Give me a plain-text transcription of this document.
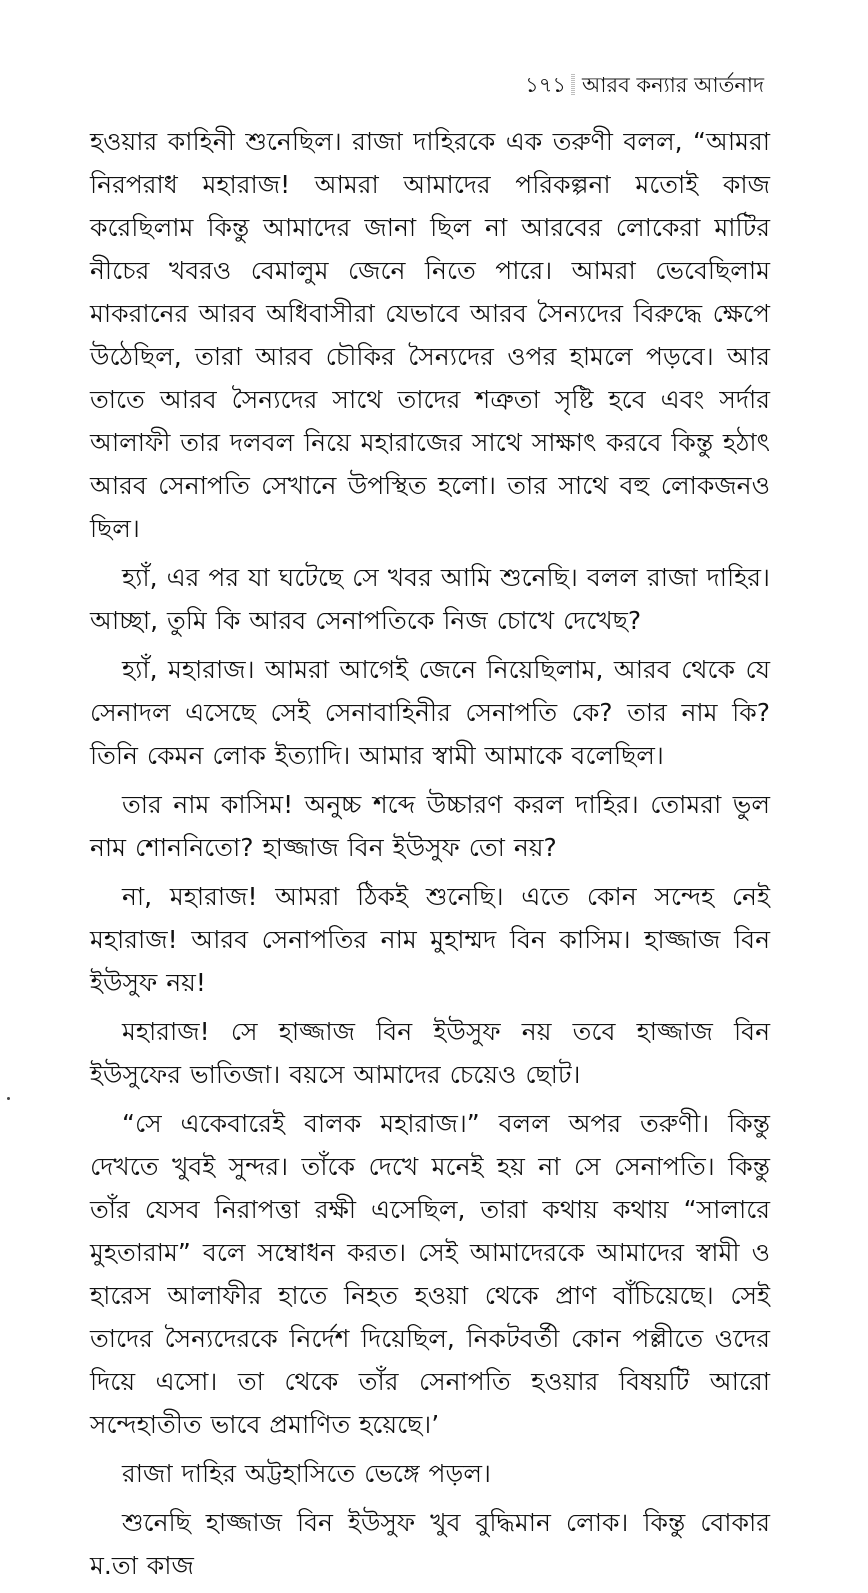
১৭১ আরব কন্যার আর্তনাদ

হওয়ার কাহিনী শুনেছিল। রাজা দাহিরকে এক তরুণী বলল, “আমরা নিরপরাধ মহারাজ! আমরা আমাদের পরিকল্পনা মতোই কাজ করেছিলাম কিন্তু আমাদের জানা ছিল না আরবের লোকেরা মাটির নীচের খবরও বেমালুম জেনে নিতে পারে। আমরা ভেবেছিলাম মাকরানের আরব অধিবাসীরা যেভাবে আরব সৈন্যদের বিরুদ্ধে ক্ষেপে উঠেছিল, তারা আরব চৌকির সৈন্যদের ওপর হামলে পড়বে। আর তাতে আরব সৈন্যদের সাথে তাদের শত্রুতা সৃষ্টি হবে এবং সর্দার আলাফী তার দলবল নিয়ে মহারাজের সাথে সাক্ষাৎ করবে কিন্তু হঠাৎ আরব সেনাপতি সেখানে উপস্থিত হলো। তার সাথে বহু লোকজনও ছিল।

হ্যাঁ, এর পর যা ঘটেছে সে খবর আমি শুনেছি। বলল রাজা দাহির। আচ্ছা, তুমি কি আরব সেনাপতিকে নিজ চোখে দেখেছ?

হ্যাঁ, মহারাজ। আমরা আগেই জেনে নিয়েছিলাম, আরব থেকে যে সেনাদল এসেছে সেই সেনাবাহিনীর সেনাপতি কে? তার নাম কি? তিনি কেমন লোক ইত্যাদি। আমার স্বামী আমাকে বলেছিল।

তার নাম কাসিম! অনুচ্চ শব্দে উচ্চারণ করল দাহির। তোমরা ভুল নাম শোননিতো? হাজ্জাজ বিন ইউসুফ তো নয়?

না, মহারাজ! আমরা ঠিকই শুনেছি। এতে কোন সন্দেহ নেই মহারাজ! আরব সেনাপতির নাম মুহাম্মদ বিন কাসিম। হাজ্জাজ বিন ইউসুফ নয়!

মহারাজ! সে হাজ্জাজ বিন ইউসুফ নয় তবে হাজ্জাজ বিন ইউসুফের ভাতিজা। বয়সে আমাদের চেয়েও ছোট।

“সে একেবারেই বালক মহারাজ।” বলল অপর তরুণী। কিন্তু দেখতে খুবই সুন্দর। তাঁকে দেখে মনেই হয় না সে সেনাপতি। কিন্তু তাঁর যেসব নিরাপত্তা রক্ষী এসেছিল, তারা কথায় কথায় “সালারে মুহতারাম” বলে সম্বোধন করত। সেই আমাদেরকে আমাদের স্বামী ও হারেস আলাফীর হাতে নিহত হওয়া থেকে প্রাণ বাঁচিয়েছে। সেই তাদের সৈন্যদেরকে নির্দেশ দিয়েছিল, নিকটবর্তী কোন পল্লীতে ওদের দিয়ে এসো। তা থেকে তাঁর সেনাপতি হওয়ার বিষয়টি আরো সন্দেহাতীত ভাবে প্রমাণিত হয়েছে।’

রাজা দাহির অট্টহাসিতে ভেঙ্গে পড়ল।

শুনেছি হাজ্জাজ বিন ইউসুফ খুব বুদ্ধিমান লোক। কিন্তু বোকার ম.তা কাজ
